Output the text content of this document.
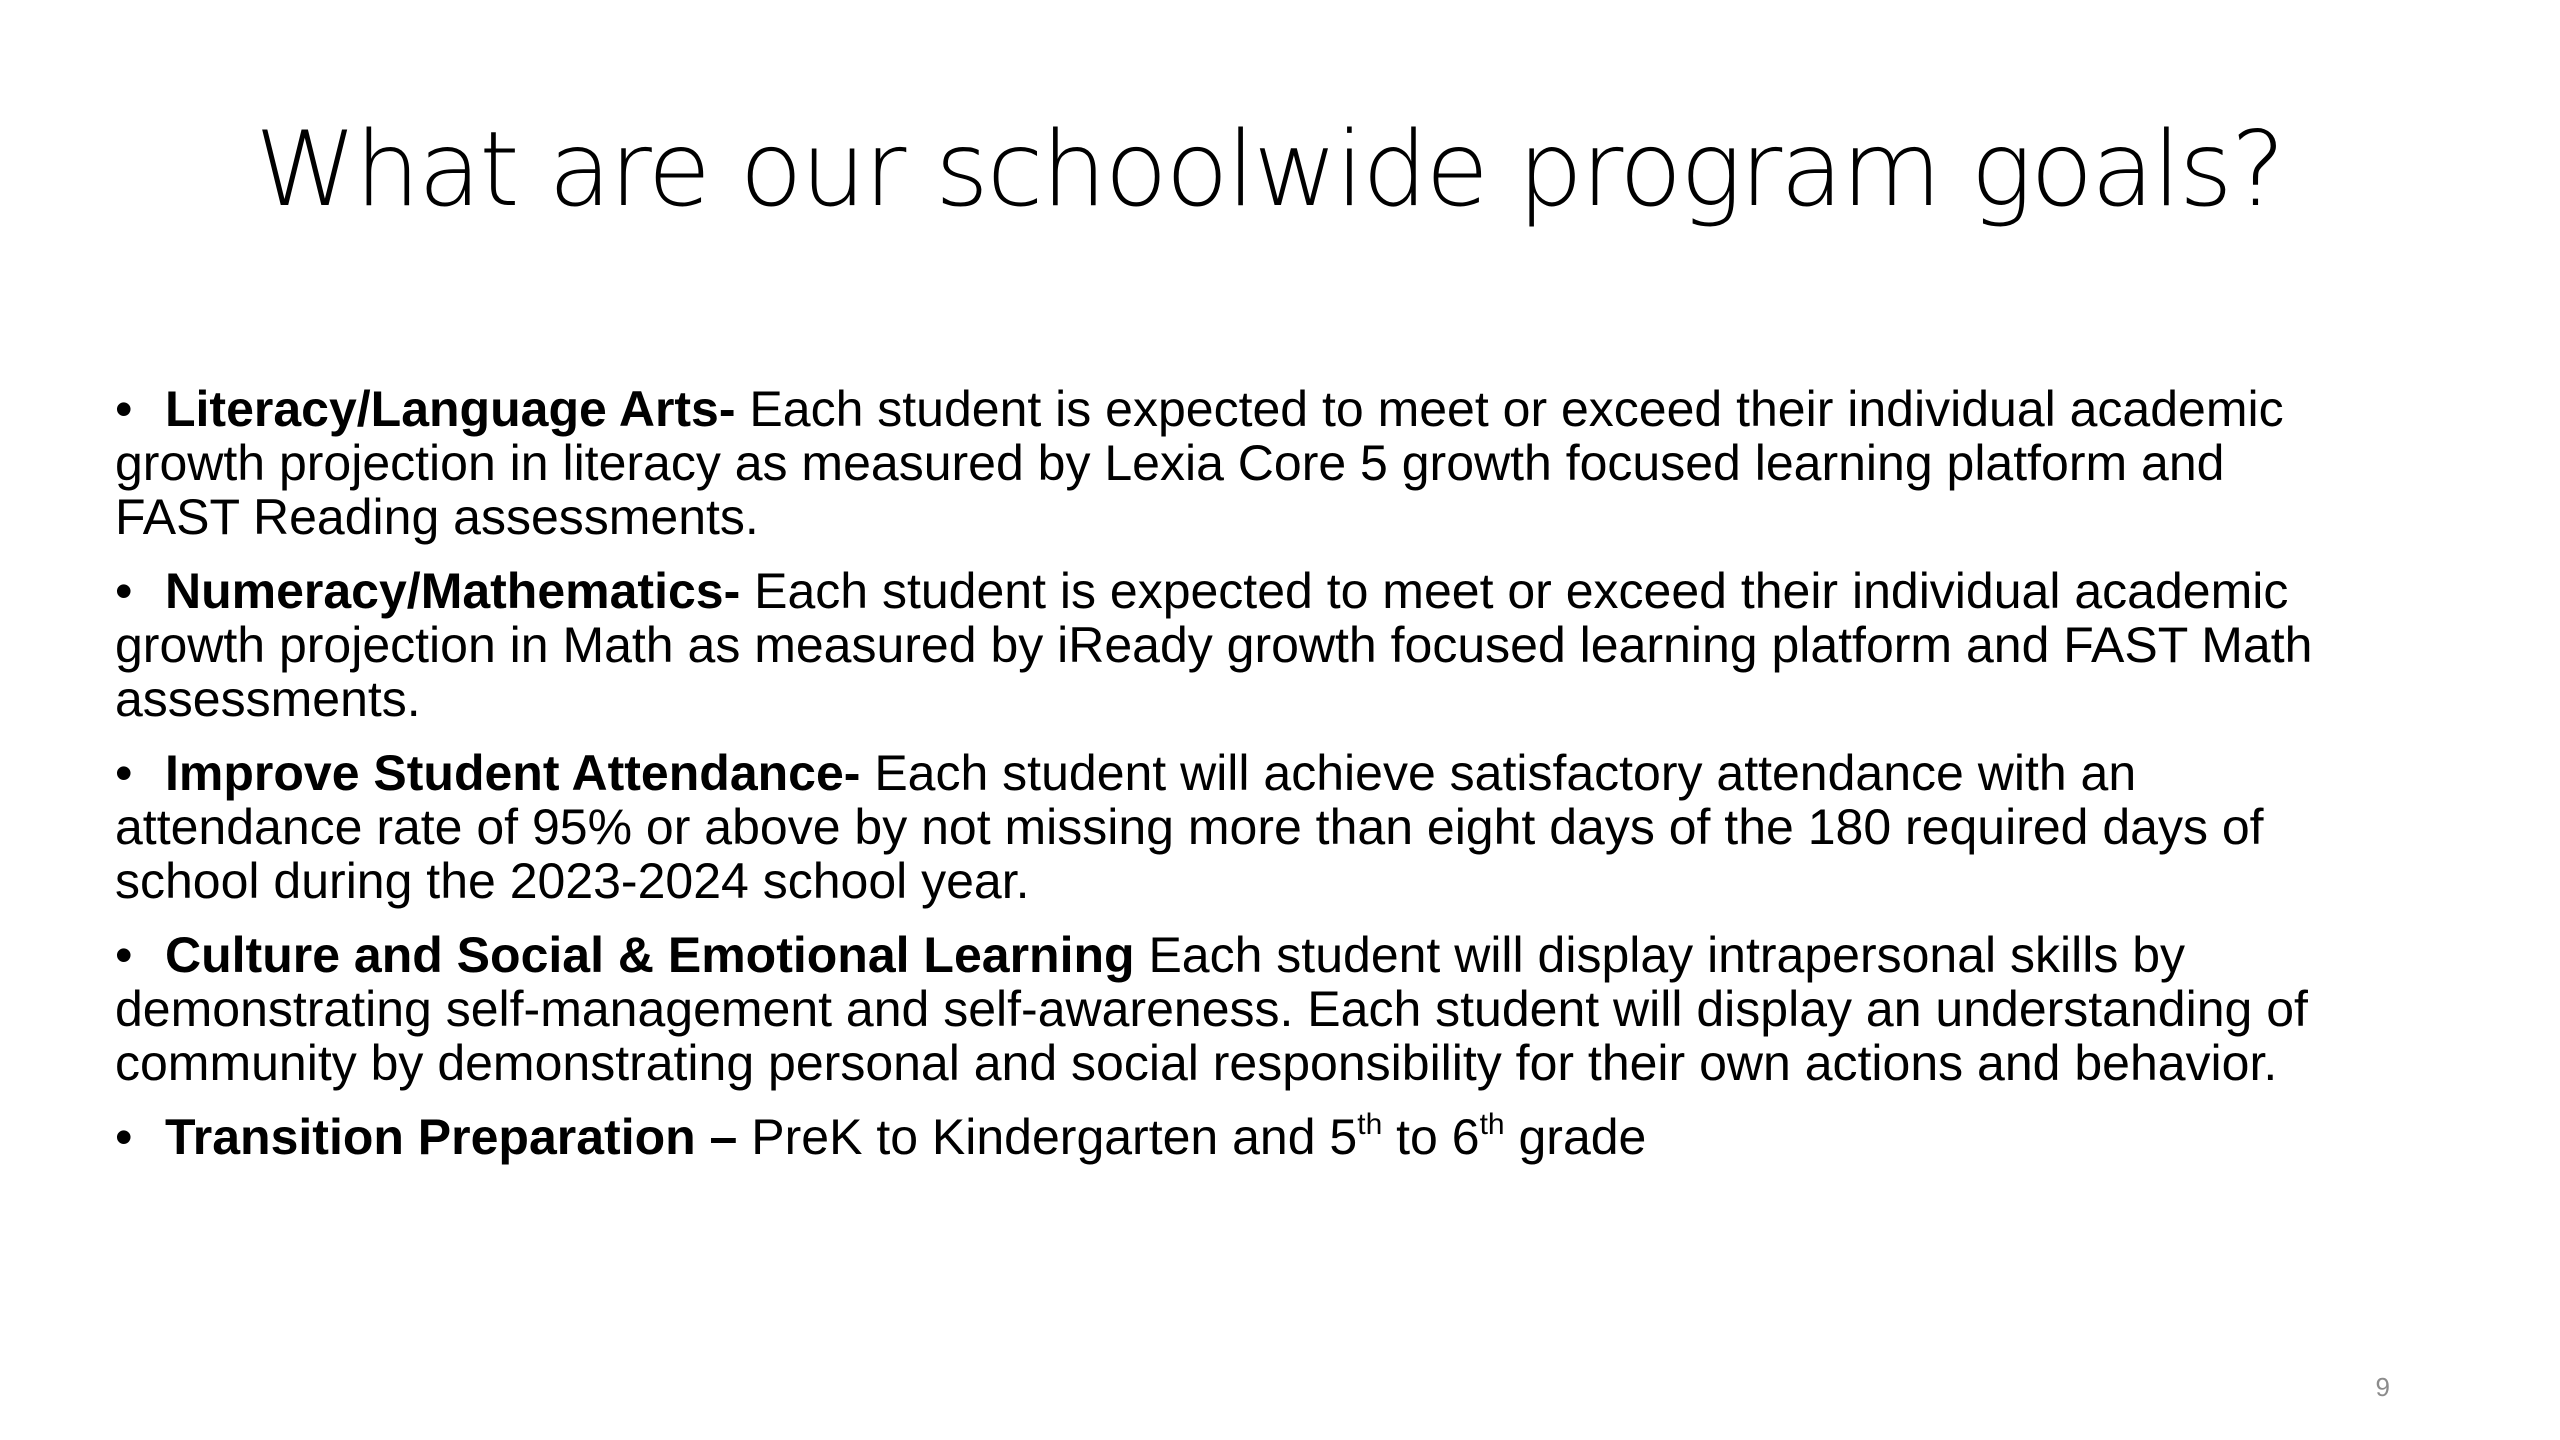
What are our schoolwide program goals?
• Literacy/Language Arts- Each student is expected to meet or exceed their individual academic growth projection in literacy as measured by Lexia Core 5 growth focused learning platform and FAST Reading assessments.
• Numeracy/Mathematics- Each student is expected to meet or exceed their individual academic growth projection in Math as measured by iReady growth focused learning platform and FAST Math assessments.
• Improve Student Attendance- Each student will achieve satisfactory attendance with an attendance rate of 95% or above by not missing more than eight days of the 180 required days of school during the 2023-2024 school year.
• Culture and Social & Emotional Learning Each student will display intrapersonal skills by demonstrating self-management and self-awareness. Each student will display an understanding of community by demonstrating personal and social responsibility for their own actions and behavior.
• Transition Preparation – PreK to Kindergarten and 5th to 6th grade
9
